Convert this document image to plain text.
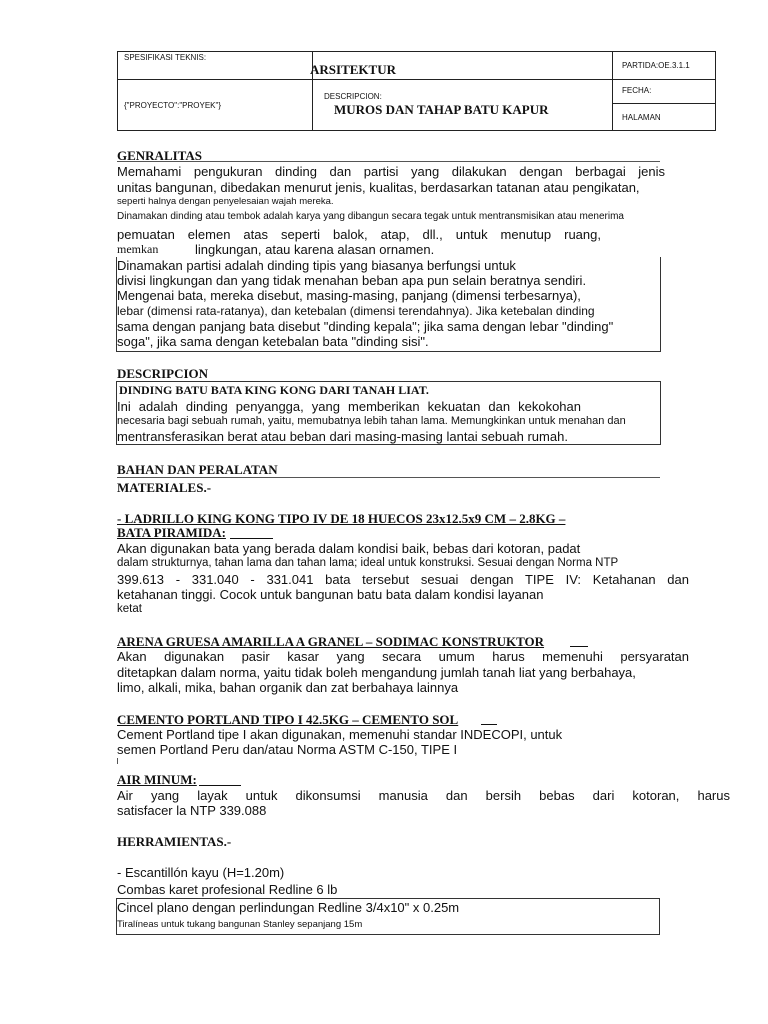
SPESIFIKASI TEKNIS:
ARSITEKTUR	PARTIDA:OE.3.1.1
{"PROYECTO":"PROYEK"}
DESCRIPCION:
MUROS DAN TAHAP BATU KAPUR
FECHA:
HALAMAN
GENRALITAS
Memahami pengukuran dinding dan partisi yang dilakukan dengan berbagai jenis
unitas bangunan, dibedakan menurut jenis, kualitas, berdasarkan tatanan atau pengikatan,
seperti halnya dengan penyelesaian wajah mereka.
Dinamakan dinding atau tembok adalah karya yang dibangun secara tegak untuk mentransmisikan atau menerima
pemuatan elemen atas seperti balok, atap, dll., untuk menutup ruang,
memkan	lingkungan, atau karena alasan ornamen.
Dinamakan partisi adalah dinding tipis yang biasanya berfungsi untuk
divisi lingkungan dan yang tidak menahan beban apa pun selain beratnya sendiri.
Mengenai bata, mereka disebut, masing-masing, panjang (dimensi terbesarnya),
lebar (dimensi rata-ratanya), dan ketebalan (dimensi terendahnya). Jika ketebalan dinding
sama dengan panjang bata disebut "dinding kepala"; jika sama dengan lebar "dinding"
soga", jika sama dengan ketebalan bata "dinding sisi".
DESCRIPCION
DINDING BATU BATA KING KONG DARI TANAH LIAT.
Ini adalah dinding penyangga, yang memberikan kekuatan dan kekokohan
necesaria bagi sebuah rumah, yaitu, memubatnya lebih tahan lama. Memungkinkan untuk menahan dan
mentransferasikan berat atau beban dari masing-masing lantai sebuah rumah.
BAHAN DAN PERALATAN
MATERIALES.-
- LADRILLO KING KONG TIPO IV DE 18 HUECOS 23x12.5x9 CM – 2.8KG –
BATA PIRAMIDA:
Akan digunakan bata yang berada dalam kondisi baik, bebas dari kotoran, padat
dalam strukturnya, tahan lama dan tahan lama; ideal untuk konstruksi. Sesuai dengan Norma NTP
399.613 - 331.040 - 331.041 bata tersebut sesuai dengan TIPE IV: Ketahanan dan
ketahanan tinggi. Cocok untuk bangunan batu bata dalam kondisi layanan
ketat
ARENA GRUESA AMARILLA A GRANEL – SODIMAC KONSTRUKTOR
Akan digunakan pasir kasar yang secara umum harus memenuhi persyaratan
ditetapkan dalam norma, yaitu tidak boleh mengandung jumlah tanah liat yang berbahaya,
limo, alkali, mika, bahan organik dan zat berbahaya lainnya
CEMENTO PORTLAND TIPO I 42.5KG – CEMENTO SOL
Cement Portland tipe I akan digunakan, memenuhi standar INDECOPI, untuk
semen Portland Peru dan/atau Norma ASTM C-150, TIPE I
AIR MINUM:
Air yang layak untuk dikonsumsi manusia dan bersih bebas dari kotoran, harus
satisfacer la NTP 339.088
HERRAMIENTAS.-
- Escantillón kayu (H=1.20m)
Combas karet profesional Redline 6 lb
Cincel plano dengan perlindungan Redline 3/4x10" x 0.25m
Tiralíneas untuk tukang bangunan Stanley sepanjang 15m
